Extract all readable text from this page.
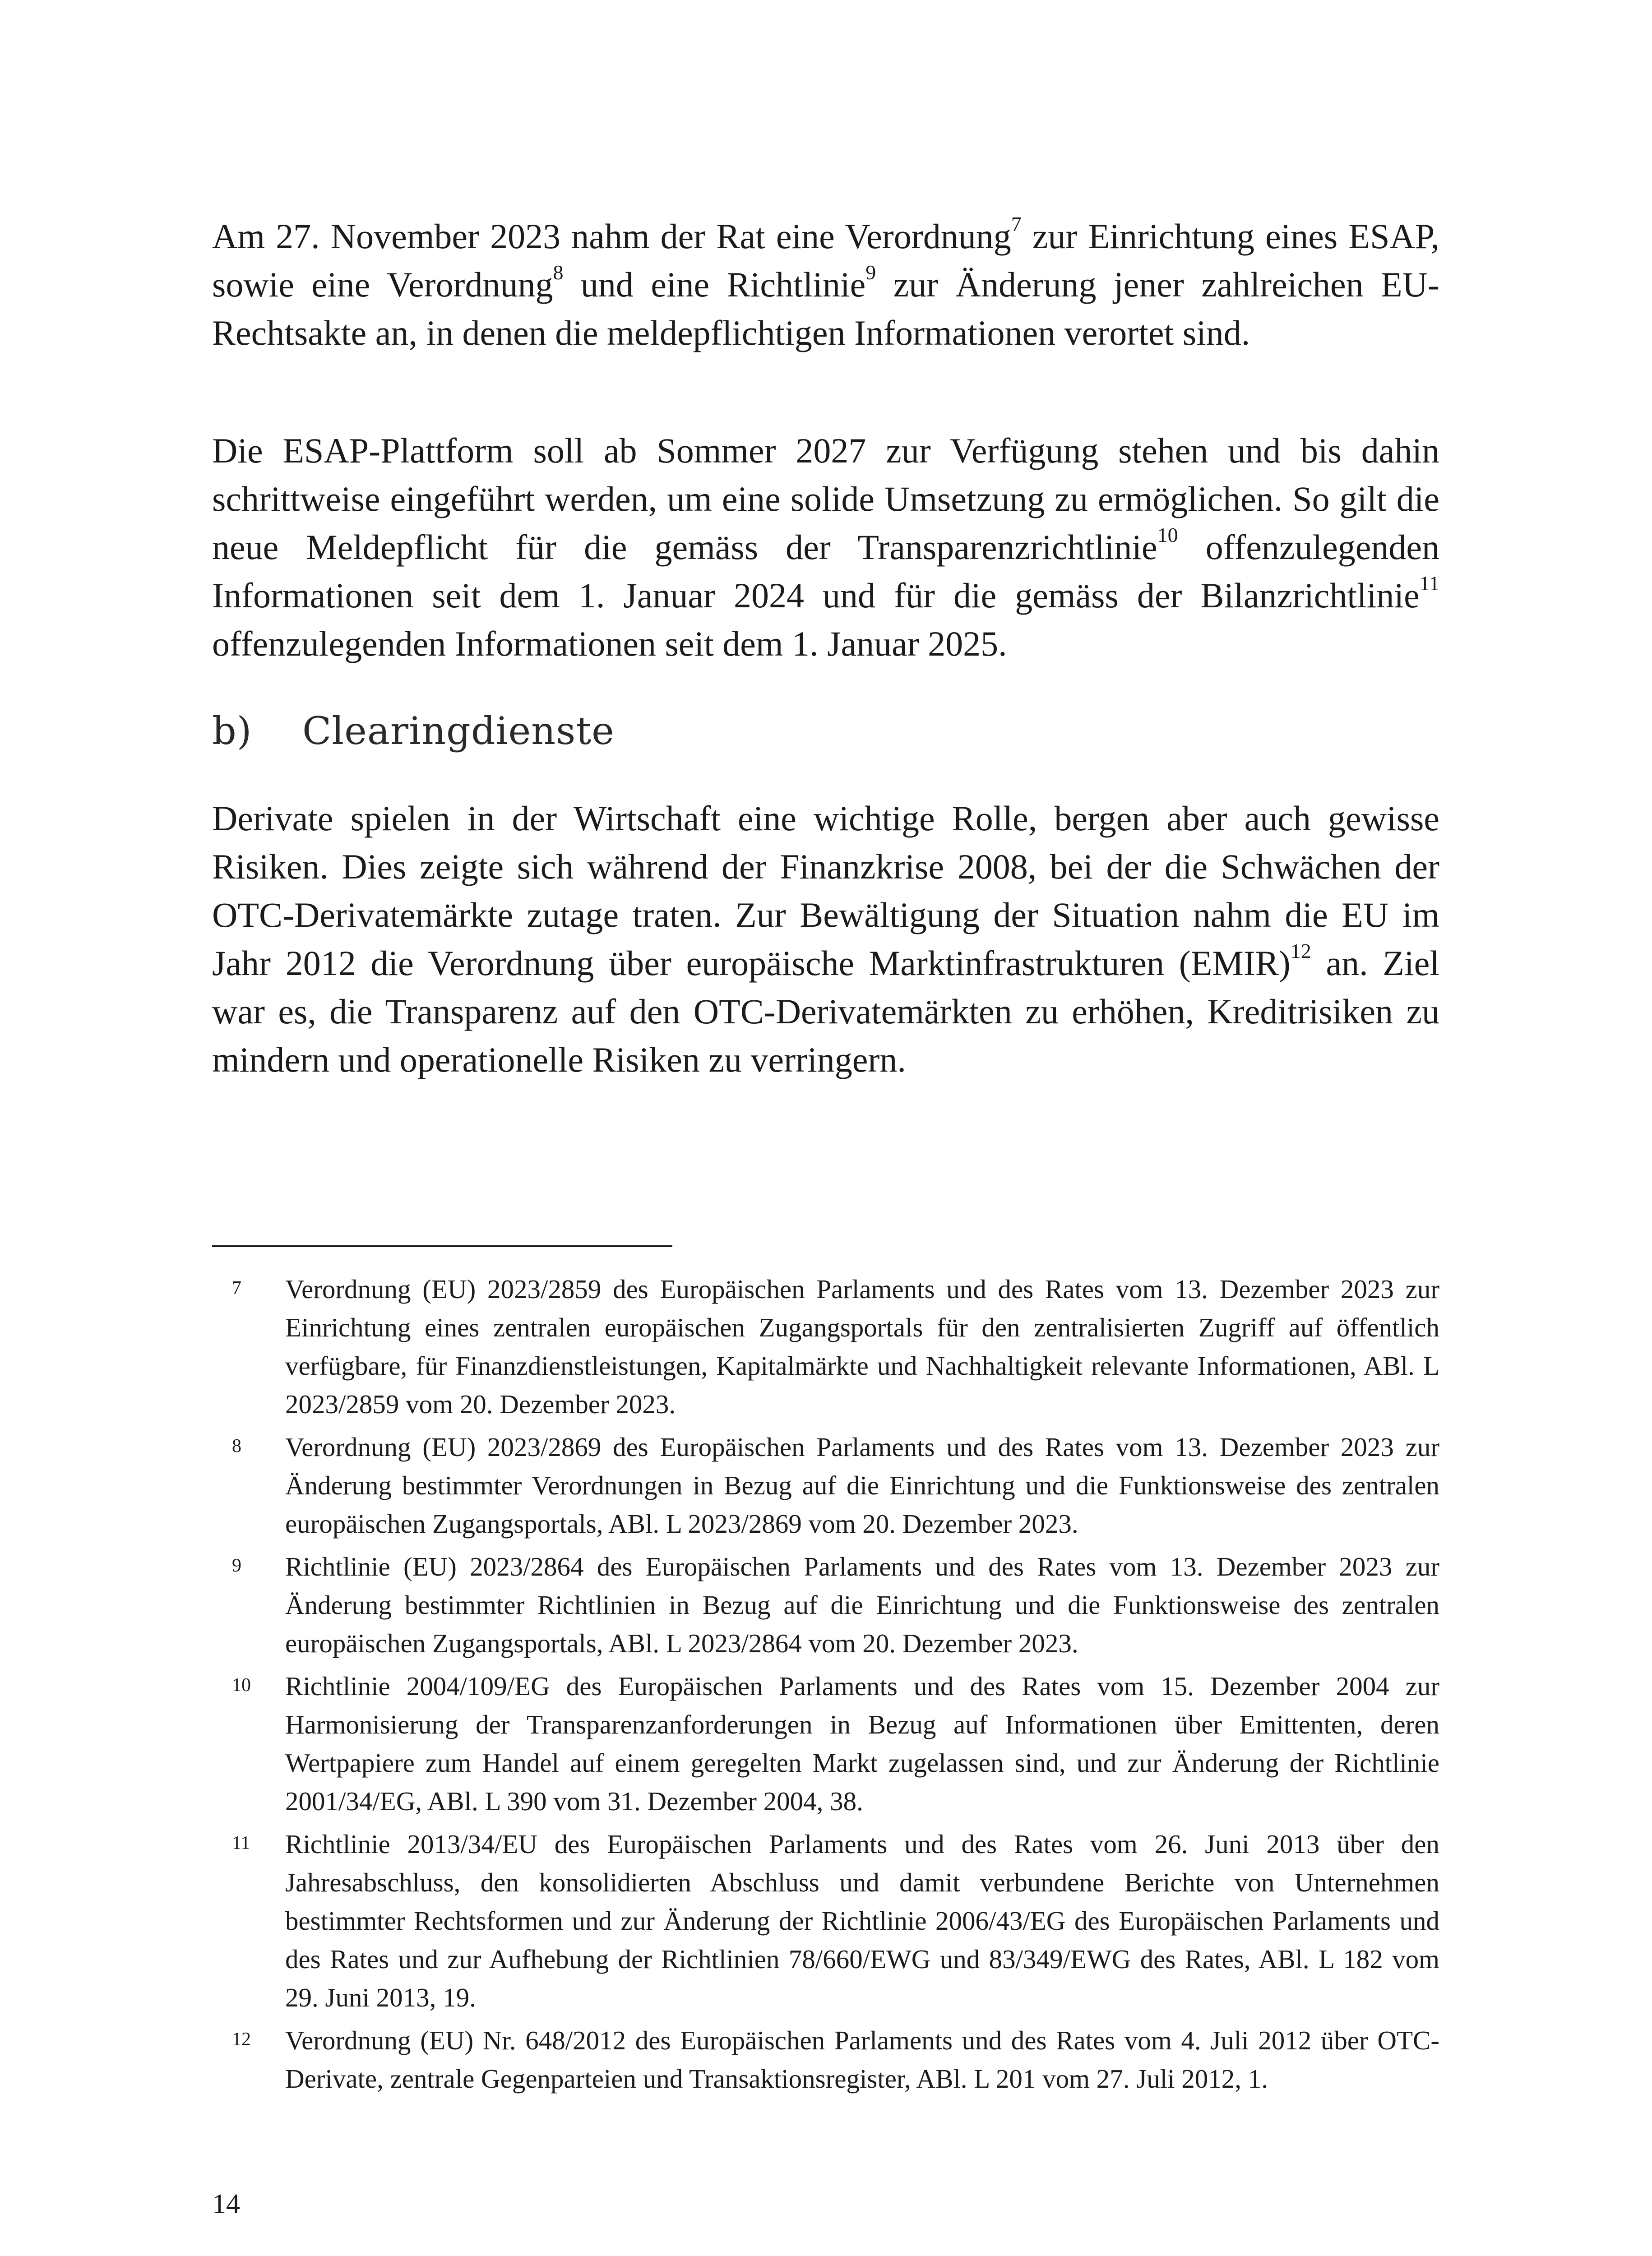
Am 27. November 2023 nahm der Rat eine Verordnung$^7$ zur Einrichtung eines ESAP, sowie eine Verordnung$^8$ und eine Richtlinie$^9$ zur Änderung jener zahlreichen EU-Rechtsakte an, in denen die meldepflichtigen Informationen verortet sind.

Die ESAP-Plattform soll ab Sommer 2027 zur Verfügung stehen und bis dahin schrittweise eingeführt werden, um eine solide Umsetzung zu ermöglichen. So gilt die neue Meldepflicht für die gemäss der Transparenzrichtlinie$^{10}$ offenzulegenden Informationen seit dem 1. Januar 2024 und für die gemäss der Bilanzrichtlinie$^{11}$ offenzulegenden Informationen seit dem 1. Januar 2025.

b) Clearingdienste

Derivate spielen in der Wirtschaft eine wichtige Rolle, bergen aber auch gewisse Risiken. Dies zeigte sich während der Finanzkrise 2008, bei der die Schwächen der OTC-Derivatemärkte zutage traten. Zur Bewältigung der Situation nahm die EU im Jahr 2012 die Verordnung über europäische Marktinfrastrukturen (EMIR)$^{12}$ an. Ziel war es, die Transparenz auf den OTC-Derivatemärkten zu erhöhen, Kreditrisiken zu mindern und operationelle Risiken zu verringern.

7	Verordnung (EU) 2023/2859 des Europäischen Parlaments und des Rates vom 13. Dezember 2023 zur Einrichtung eines zentralen europäischen Zugangsportals für den zentralisierten Zugriff auf öffentlich verfügbare, für Finanzdienstleistungen, Kapitalmärkte und Nachhaltigkeit relevante Informationen, ABl. L 2023/2859 vom 20. Dezember 2023.
8	Verordnung (EU) 2023/2869 des Europäischen Parlaments und des Rates vom 13. Dezember 2023 zur Änderung bestimmter Verordnungen in Bezug auf die Einrichtung und die Funktionsweise des zentralen europäischen Zugangsportals, ABl. L 2023/2869 vom 20. Dezember 2023.
9	Richtlinie (EU) 2023/2864 des Europäischen Parlaments und des Rates vom 13. Dezember 2023 zur Änderung bestimmter Richtlinien in Bezug auf die Einrichtung und die Funktionsweise des zentralen europäischen Zugangsportals, ABl. L 2023/2864 vom 20. Dezember 2023.
10	Richtlinie 2004/109/EG des Europäischen Parlaments und des Rates vom 15. Dezember 2004 zur Harmonisierung der Transparenzanforderungen in Bezug auf Informationen über Emittenten, deren Wertpapiere zum Handel auf einem geregelten Markt zugelassen sind, und zur Änderung der Richtlinie 2001/34/EG, ABl. L 390 vom 31. Dezember 2004, 38.
11	Richtlinie 2013/34/EU des Europäischen Parlaments und des Rates vom 26. Juni 2013 über den Jahresabschluss, den konsolidierten Abschluss und damit verbundene Berichte von Unternehmen bestimmter Rechtsformen und zur Änderung der Richtlinie 2006/43/EG des Europäischen Parlaments und des Rates und zur Aufhebung der Richtlinien 78/660/EWG und 83/349/EWG des Rates, ABl. L 182 vom 29. Juni 2013, 19.
12	Verordnung (EU) Nr. 648/2012 des Europäischen Parlaments und des Rates vom 4. Juli 2012 über OTC-Derivate, zentrale Gegenparteien und Transaktionsregister, ABl. L 201 vom 27. Juli 2012, 1.
14
